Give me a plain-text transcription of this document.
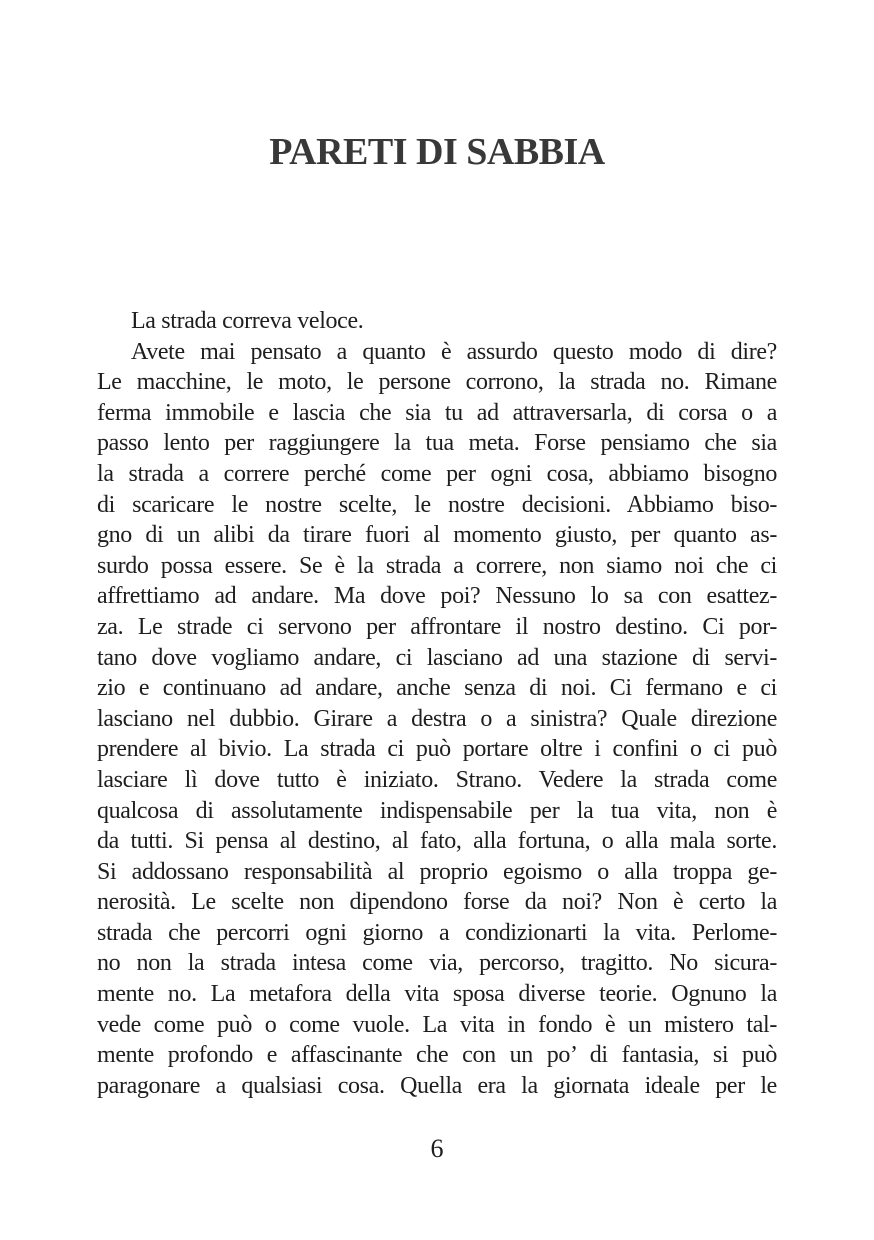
PARETI DI SABBIA
La strada correva veloce.
Avete mai pensato a quanto è assurdo questo modo di dire?
Le macchine, le moto, le persone corrono, la strada no. Rimane
ferma immobile e lascia che sia tu ad attraversarla, di corsa o a
passo lento per raggiungere la tua meta. Forse pensiamo che sia
la strada a correre perché come per ogni cosa, abbiamo bisogno
di scaricare le nostre scelte, le nostre decisioni. Abbiamo biso-
gno di un alibi da tirare fuori al momento giusto, per quanto as-
surdo possa essere. Se è la strada a correre, non siamo noi che ci
affrettiamo ad andare. Ma dove poi? Nessuno lo sa con esattez-
za. Le strade ci servono per affrontare il nostro destino. Ci por-
tano dove vogliamo andare, ci lasciano ad una stazione di servi-
zio e continuano ad andare, anche senza di noi. Ci fermano e ci
lasciano nel dubbio. Girare a destra o a sinistra? Quale direzione
prendere al bivio. La strada ci può portare oltre i confini o ci può
lasciare lì dove tutto è iniziato. Strano. Vedere la strada come
qualcosa di assolutamente indispensabile per la tua vita, non è
da tutti. Si pensa al destino, al fato, alla fortuna, o alla mala sorte.
Si addossano responsabilità al proprio egoismo o alla troppa ge-
nerosità. Le scelte non dipendono forse da noi? Non è certo la
strada che percorri ogni giorno a condizionarti la vita. Perlome-
no non la strada intesa come via, percorso, tragitto. No sicura-
mente no. La metafora della vita sposa diverse teorie. Ognuno la
vede come può o come vuole. La vita in fondo è un mistero tal-
mente profondo e affascinante che con un po’ di fantasia, si può
paragonare a qualsiasi cosa. Quella era la giornata ideale per le
6
